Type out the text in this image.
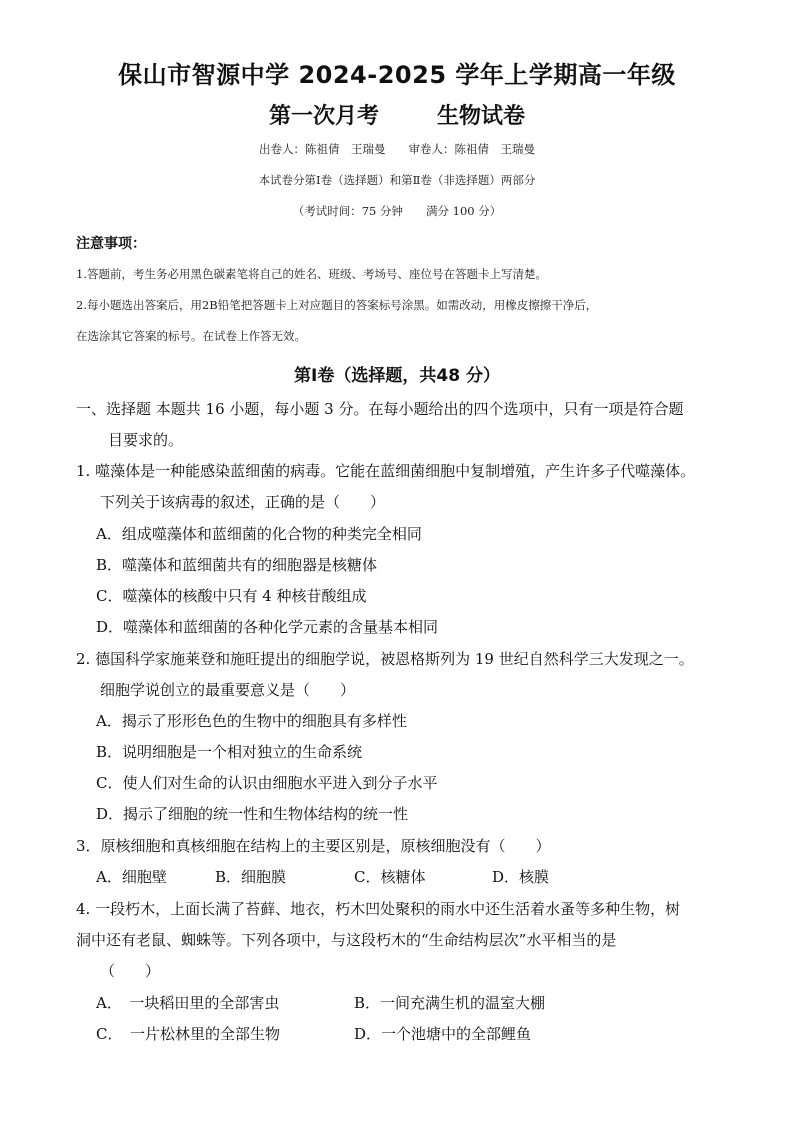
保山市智源中学 2024-2025 学年上学期高一年级
第一次月考	生物试卷
出卷人：陈祖倩　王瑞曼　　审卷人：陈祖倩　王瑞曼
本试卷分第Ⅰ卷（选择题）和第Ⅱ卷（非选择题）两部分
（考试时间：75 分钟　　满分 100 分）
注意事项：
1.答题前，考生务必用黑色碳素笔将自己的姓名、班级、考场号、座位号在答题卡上写清楚。
2.每小题选出答案后，用2B铅笔把答题卡上对应题目的答案标号涂黑。如需改动，用橡皮擦擦干净后，
在选涂其它答案的标号。在试卷上作答无效。
第Ⅰ卷（选择题，共48 分）
一、选择题 本题共 16 小题，每小题 3 分。在每小题给出的四个选项中，只有一项是符合题
目要求的。
1. 噬藻体是一种能感染蓝细菌的病毒。它能在蓝细菌细胞中复制增殖，产生许多子代噬藻体。
下列关于该病毒的叙述，正确的是（　　）
A．组成噬藻体和蓝细菌的化合物的种类完全相同
B．噬藻体和蓝细菌共有的细胞器是核糖体
C．噬藻体的核酸中只有 4 种核苷酸组成
D．噬藻体和蓝细菌的各种化学元素的含量基本相同
2. 德国科学家施莱登和施旺提出的细胞学说，被恩格斯列为 19 世纪自然科学三大发现之一。
细胞学说创立的最重要意义是（　　）
A．揭示了形形色色的生物中的细胞具有多样性
B．说明细胞是一个相对独立的生命系统
C．使人们对生命的认识由细胞水平进入到分子水平
D．揭示了细胞的统一性和生物体结构的统一性
3．原核细胞和真核细胞在结构上的主要区别是，原核细胞没有（　　）
A．细胞壁	B．细胞膜	C．核糖体	D．核膜
4. 一段朽木，上面长满了苔藓、地衣，朽木凹处聚积的雨水中还生活着水蚤等多种生物，树
洞中还有老鼠、蜘蛛等。下列各项中，与这段朽木的“生命结构层次”水平相当的是
（　　）
A．　一块稻田里的全部害虫	B．一间充满生机的温室大棚
C．　一片松林里的全部生物	D．一个池塘中的全部鲤鱼
